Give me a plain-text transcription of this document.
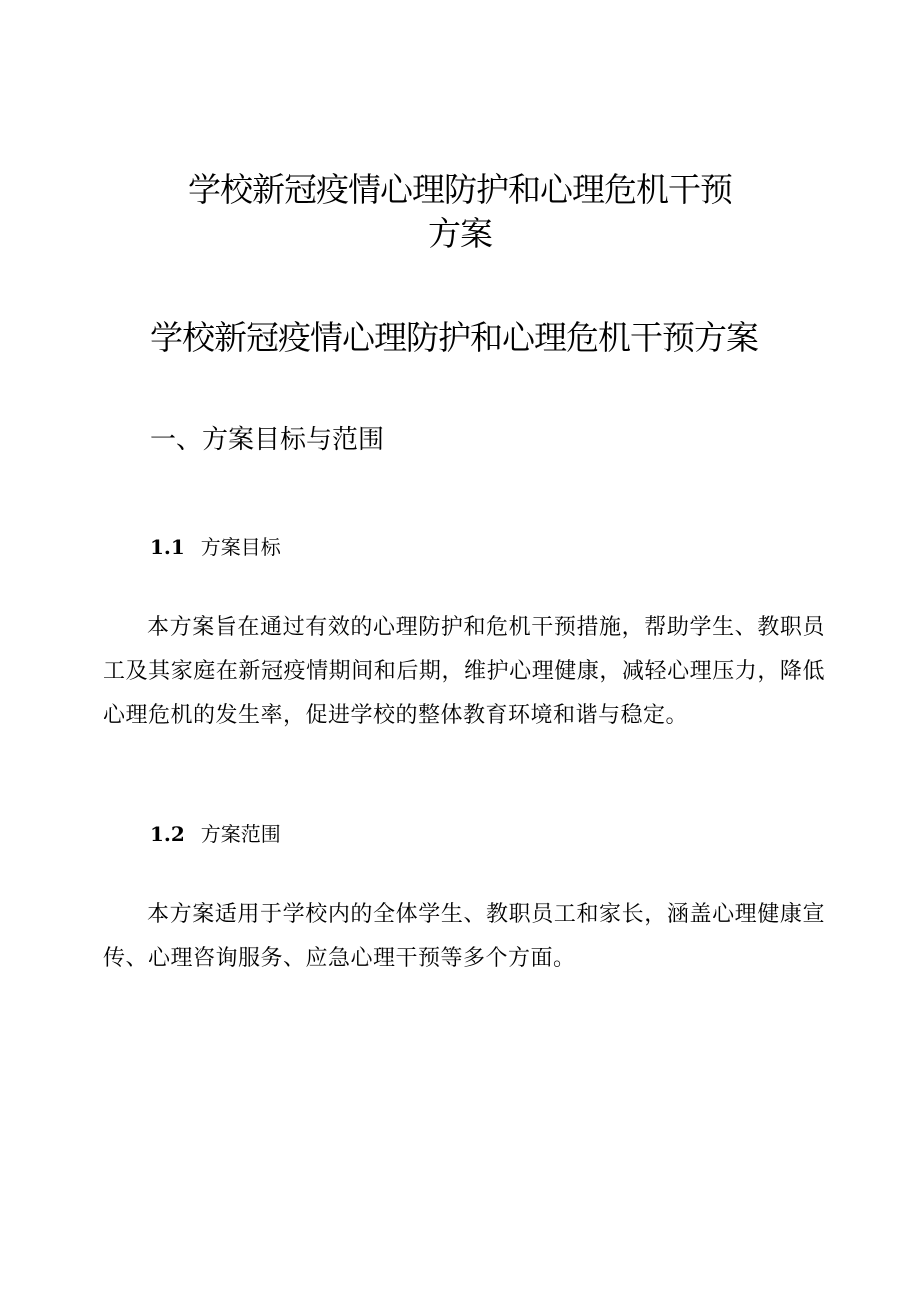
学校新冠疫情心理防护和心理危机干预
方案
学校新冠疫情心理防护和心理危机干预方案
一、方案目标与范围
1.1 方案目标

本方案旨在通过有效的心理防护和危机干预措施，帮助学生、教职员工及其家庭在新冠疫情期间和后期，维护心理健康，减轻心理压力，降低心理危机的发生率，促进学校的整体教育环境和谐与稳定。

1.2 方案范围

本方案适用于学校内的全体学生、教职员工和家长，涵盖心理健康宣传、心理咨询服务、应急心理干预等多个方面。
